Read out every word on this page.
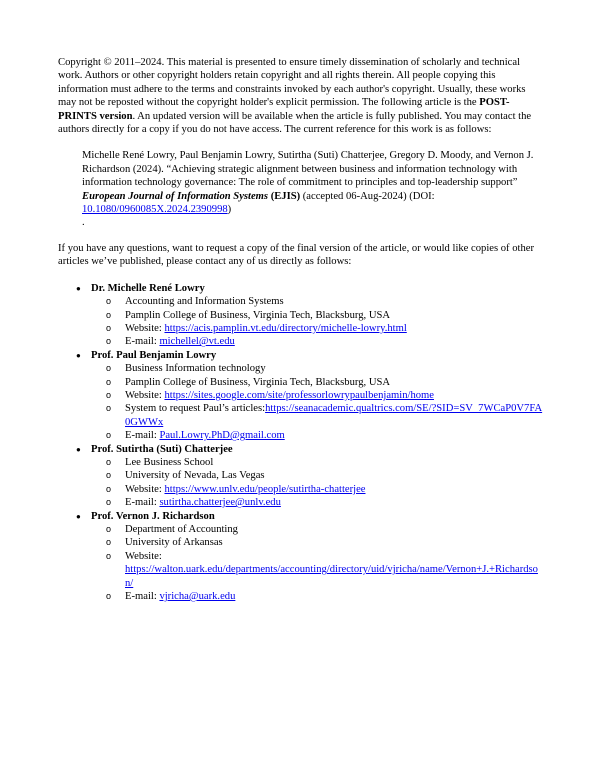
Copyright © 2011–2024. This material is presented to ensure timely dissemination of scholarly and technical work. Authors or other copyright holders retain copyright and all rights therein. All people copying this information must adhere to the terms and constraints invoked by each author's copyright. Usually, these works may not be reposted without the copyright holder's explicit permission. The following article is the POST-PRINTS version. An updated version will be available when the article is fully published. You may contact the authors directly for a copy if you do not have access. The current reference for this work is as follows:

Michelle René Lowry, Paul Benjamin Lowry, Sutirtha (Suti) Chatterjee, Gregory D. Moody, and Vernon J. Richardson (2024). “Achieving strategic alignment between business and information technology with information technology governance: The role of commitment to principles and top-leadership support” European Journal of Information Systems (EJIS) (accepted 06-Aug-2024) (DOI: 10.1080/0960085X.2024.2390998)
.

If you have any questions, want to request a copy of the final version of the article, or would like copies of other articles we’ve published, please contact any of us directly as follows:

● Dr. Michelle René Lowry
o Accounting and Information Systems
o Pamplin College of Business, Virginia Tech, Blacksburg, USA
o Website: https://acis.pamplin.vt.edu/directory/michelle-lowry.html
o E-mail: michellel@vt.edu
● Prof. Paul Benjamin Lowry
o Business Information technology
o Pamplin College of Business, Virginia Tech, Blacksburg, USA
o Website: https://sites.google.com/site/professorlowrypaulbenjamin/home
o System to request Paul’s articles:https://seanacademic.qualtrics.com/SE/?SID=SV_7WCaP0V7FA0GWWx
o E-mail: Paul.Lowry.PhD@gmail.com
● Prof. Sutirtha (Suti) Chatterjee
o Lee Business School
o University of Nevada, Las Vegas
o Website: https://www.unlv.edu/people/sutirtha-chatterjee
o E-mail: sutirtha.chatterjee@unlv.edu
● Prof. Vernon J. Richardson
o Department of Accounting
o University of Arkansas
o Website:
https://walton.uark.edu/departments/accounting/directory/uid/vjricha/name/Vernon+J.+Richardson/
o E-mail: vjricha@uark.edu
